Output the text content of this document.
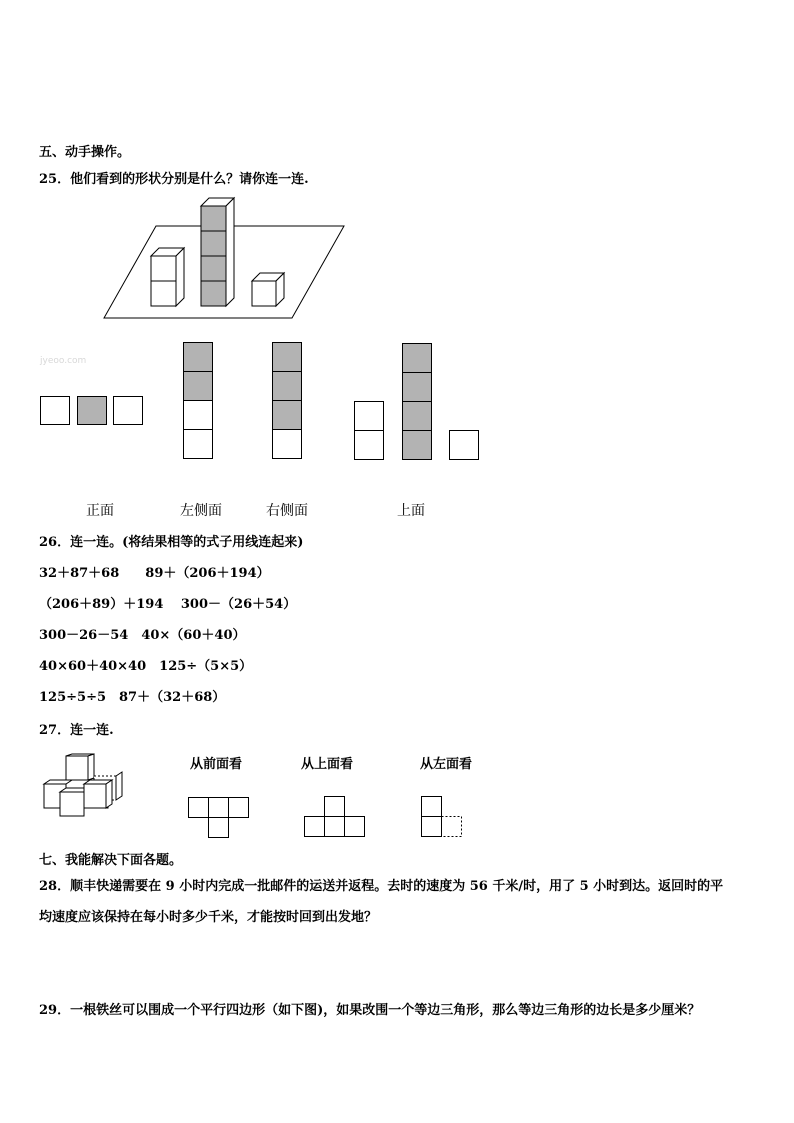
五、动手操作。
25．他们看到的形状分别是什么？请你连一连.
jyeoo.com
正面	左侧面	右侧面	上面
26．连一连。(将结果相等的式子用线连起来)
32＋87＋68　　89＋（206＋194）
（206＋89）＋194　 300－（26＋54）
300－26－54　40×（60＋40）
40×60＋40×40　125÷（5×5）
125÷5÷5　87＋（32＋68）
27．连一连.
从前面看	从上面看	从左面看
七、我能解决下面各题。
28．顺丰快递需要在 9 小时内完成一批邮件的运送并返程。去时的速度为 56 千米/时，用了 5 小时到达。返回时的平
均速度应该保持在每小时多少千米，才能按时回到出发地？
29．一根铁丝可以围成一个平行四边形（如下图)，如果改围一个等边三角形，那么等边三角形的边长是多少厘米？
